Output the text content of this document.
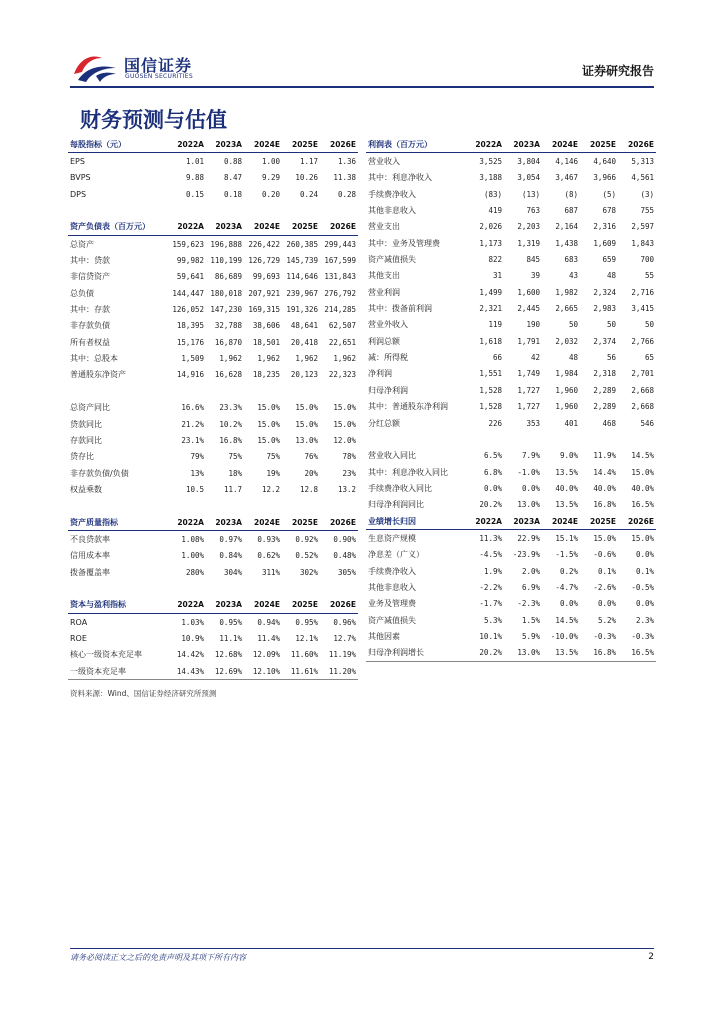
国信证券
GUOSEN SECURITIES	证券研究报告
财务预测与估值
每股指标（元）	2022A	2023A	2024E	2025E	2026E
EPS	1.01	0.88	1.00	1.17	1.36
BVPS	9.88	8.47	9.29	10.26	11.38
DPS	0.15	0.18	0.20	0.24	0.28

资产负债表（百万元）	2022A	2023A	2024E	2025E	2026E
总资产	159,623	196,888	226,422	260,385	299,443
其中：贷款	99,982	110,199	126,729	145,739	167,599
非信贷资产	59,641	86,689	99,693	114,646	131,843
总负债	144,447	180,018	207,921	239,967	276,792
其中：存款	126,052	147,230	169,315	191,326	214,285
非存款负债	18,395	32,788	38,606	48,641	62,507
所有者权益	15,176	16,870	18,501	20,418	22,651
其中：总股本	1,509	1,962	1,962	1,962	1,962
普通股东净资产	14,916	16,628	18,235	20,123	22,323

总资产同比	16.6%	23.3%	15.0%	15.0%	15.0%
贷款同比	21.2%	10.2%	15.0%	15.0%	15.0%
存款同比	23.1%	16.8%	15.0%	13.0%	12.0%
贷存比	79%	75%	75%	76%	78%
非存款负债/负债	13%	18%	19%	20%	23%
权益乘数	10.5	11.7	12.2	12.8	13.2

资产质量指标	2022A	2023A	2024E	2025E	2026E
不良贷款率	1.08%	0.97%	0.93%	0.92%	0.90%
信用成本率	1.00%	0.84%	0.62%	0.52%	0.48%
拨备覆盖率	280%	304%	311%	302%	305%

资本与盈利指标	2022A	2023A	2024E	2025E	2026E
ROA	1.03%	0.95%	0.94%	0.95%	0.96%
ROE	10.9%	11.1%	11.4%	12.1%	12.7%
核心一级资本充足率	14.42%	12.68%	12.09%	11.60%	11.19%
一级资本充足率	14.43%	12.69%	12.10%	11.61%	11.20%
利润表（百万元）	2022A	2023A	2024E	2025E	2026E
营业收入	3,525	3,804	4,146	4,640	5,313
其中：利息净收入	3,188	3,054	3,467	3,966	4,561
手续费净收入	(83)	(13)	(8)	(5)	(3)
其他非息收入	419	763	687	678	755
营业支出	2,026	2,203	2,164	2,316	2,597
其中：业务及管理费	1,173	1,319	1,438	1,609	1,843
资产减值损失	822	845	683	659	700
其他支出	31	39	43	48	55
营业利润	1,499	1,600	1,982	2,324	2,716
其中：拨备前利润	2,321	2,445	2,665	2,983	3,415
营业外收入	119	190	50	50	50
利润总额	1,618	1,791	2,032	2,374	2,766
减：所得税	66	42	48	56	65
净利润	1,551	1,749	1,984	2,318	2,701
归母净利润	1,528	1,727	1,960	2,289	2,668
其中：普通股东净利润	1,528	1,727	1,960	2,289	2,668
分红总额	226	353	401	468	546

营业收入同比	6.5%	7.9%	9.0%	11.9%	14.5%
其中：利息净收入同比	6.8%	-1.0%	13.5%	14.4%	15.0%
手续费净收入同比	0.0%	0.0%	40.0%	40.0%	40.0%
归母净利润同比	20.2%	13.0%	13.5%	16.8%	16.5%
业绩增长归因	2022A	2023A	2024E	2025E	2026E
生息资产规模	11.3%	22.9%	15.1%	15.0%	15.0%
净息差（广义）	-4.5%	-23.9%	-1.5%	-0.6%	0.0%
手续费净收入	1.9%	2.0%	0.2%	0.1%	0.1%
其他非息收入	-2.2%	6.9%	-4.7%	-2.6%	-0.5%
业务及管理费	-1.7%	-2.3%	0.0%	0.0%	0.0%
资产减值损失	5.3%	1.5%	14.5%	5.2%	2.3%
其他因素	10.1%	5.9%	-10.0%	-0.3%	-0.3%
归母净利润增长	20.2%	13.0%	13.5%	16.8%	16.5%
资料来源：Wind、国信证券经济研究所预测
请务必阅读正文之后的免责声明及其项下所有内容	2
